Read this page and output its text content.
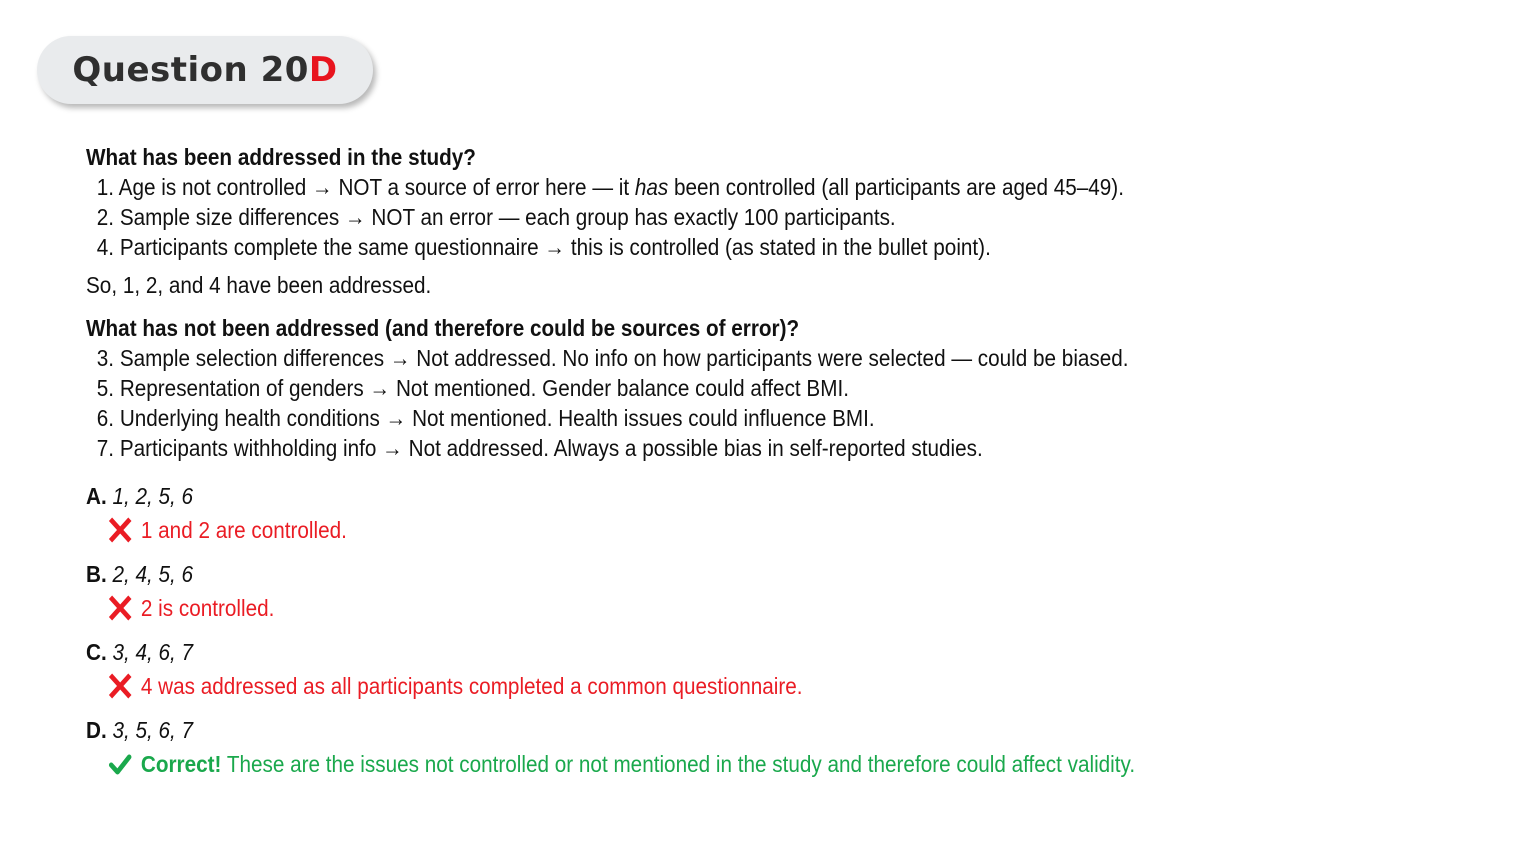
Question 20 D

What has been addressed in the study?

1. Age is not controlled → NOT a source of error here — it has been controlled (all participants are aged 45–49).
2. Sample size differences → NOT an error — each group has exactly 100 participants.
4. Participants complete the same questionnaire → this is controlled (as stated in the bullet point).

So, 1, 2, and 4 have been addressed.

What has not been addressed (and therefore could be sources of error)?

3. Sample selection differences → Not addressed. No info on how participants were selected — could be biased.
5. Representation of genders → Not mentioned. Gender balance could affect BMI.
6. Underlying health conditions → Not mentioned. Health issues could influence BMI.
7. Participants withholding info → Not addressed. Always a possible bias in self-reported studies.
A. 1, 2, 5, 6
1 and 2 are controlled.
B. 2, 4, 5, 6
2 is controlled.
C. 3, 4, 6, 7
4 was addressed as all participants completed a common questionnaire.
D. 3, 5, 6, 7
Correct! These are the issues not controlled or not mentioned in the study and therefore could affect validity.
